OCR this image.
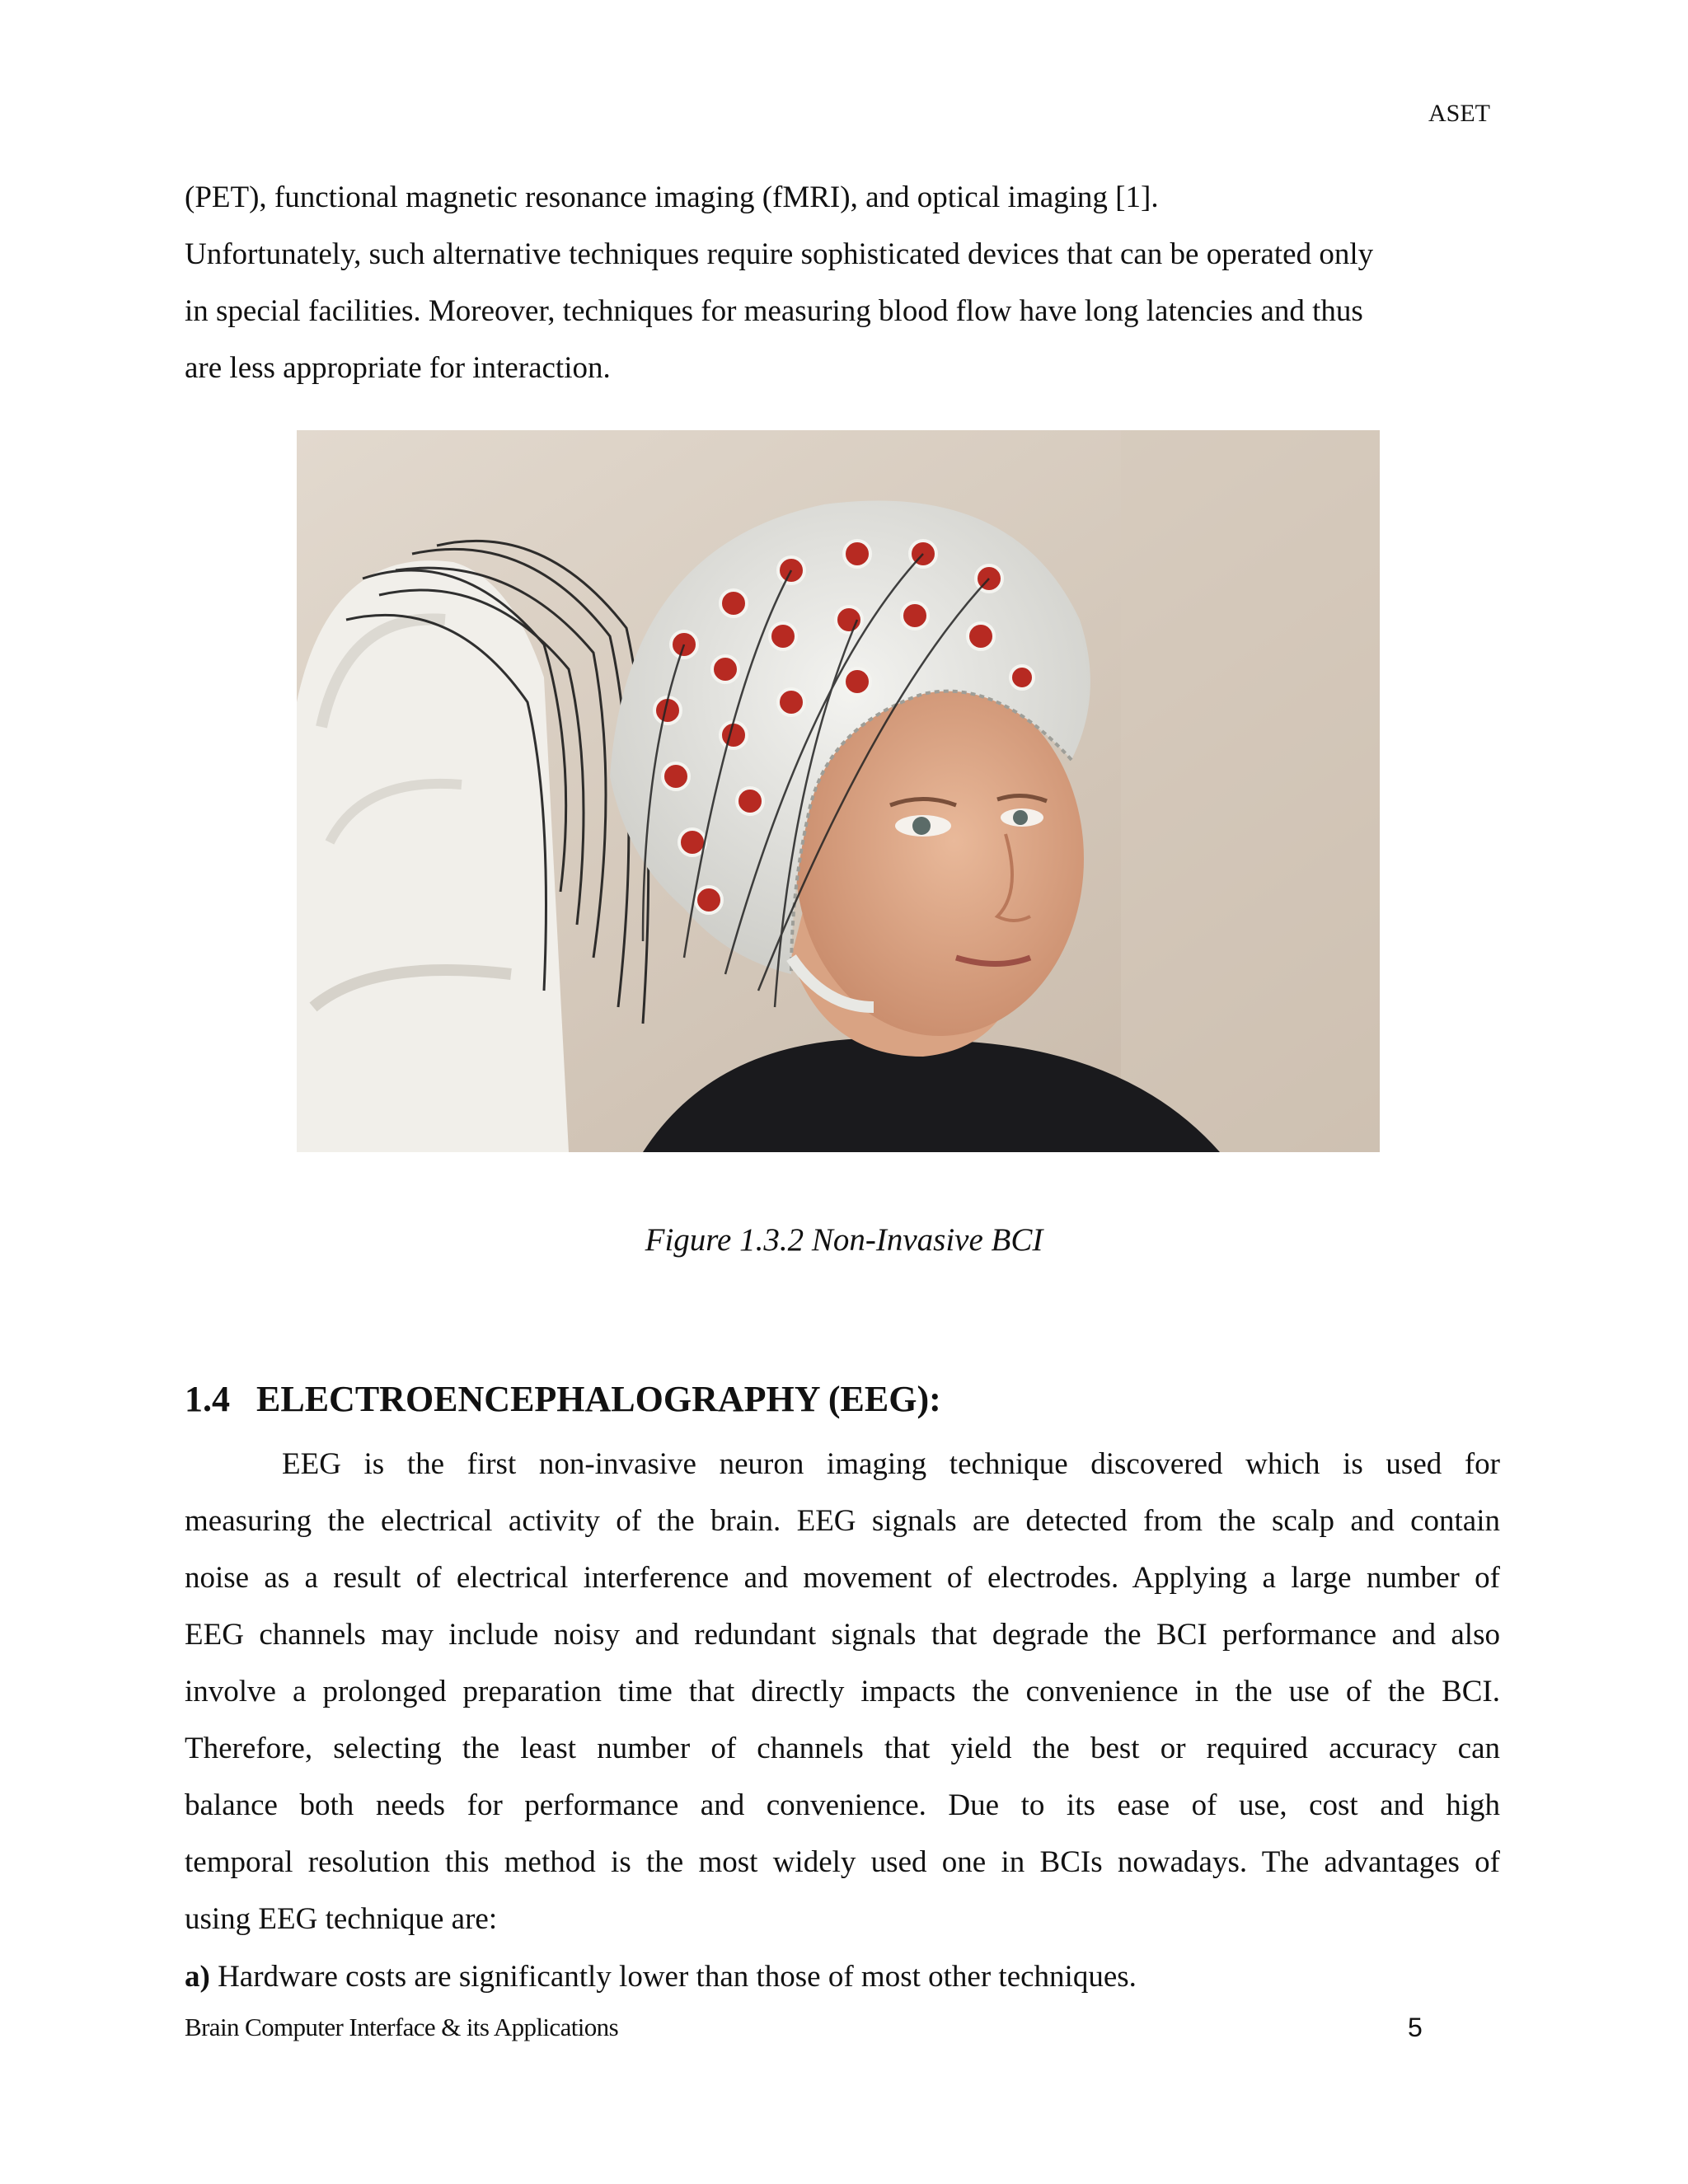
ASET

(PET), functional magnetic resonance imaging (fMRI), and optical imaging [1].
Unfortunately, such alternative techniques require sophisticated devices that can be operated only
in special facilities. Moreover, techniques for measuring blood flow have long latencies and thus
are less appropriate for interaction.

Figure 1.3.2 Non-Invasive BCI
1.4 ELECTROENCEPHALOGRAPHY (EEG):
EEG is the first non-invasive neuron imaging technique discovered which is used for
measuring the electrical activity of the brain. EEG signals are detected from the scalp and contain
noise as a result of electrical interference and movement of electrodes. Applying a large number of
EEG channels may include noisy and redundant signals that degrade the BCI performance and also
involve a prolonged preparation time that directly impacts the convenience in the use of the BCI.
Therefore, selecting the least number of channels that yield the best or required accuracy can
balance both needs for performance and convenience. Due to its ease of use, cost and high
temporal resolution this method is the most widely used one in BCIs nowadays. The advantages of
using EEG technique are:
a) Hardware costs are significantly lower than those of most other techniques.
Brain Computer Interface & its Applications	5
